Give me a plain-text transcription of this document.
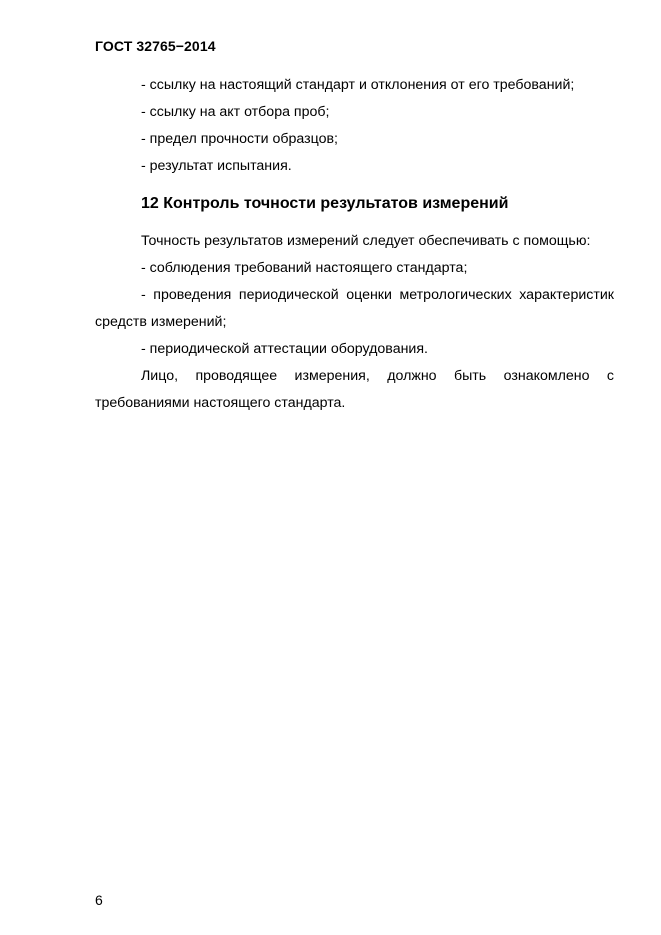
ГОСТ 32765−2014

- ссылку на настоящий стандарт и отклонения от его требований;

- ссылку на акт отбора проб;

- предел прочности образцов;

- результат испытания.

12 Контроль точности результатов измерений

Точность результатов измерений следует обеспечивать с помощью:

- соблюдения требований настоящего стандарта;

- проведения периодической оценки метрологических характеристик средств измерений;

- периодической аттестации оборудования.

Лицо, проводящее измерения, должно быть ознакомлено с требованиями настоящего стандарта.

6
